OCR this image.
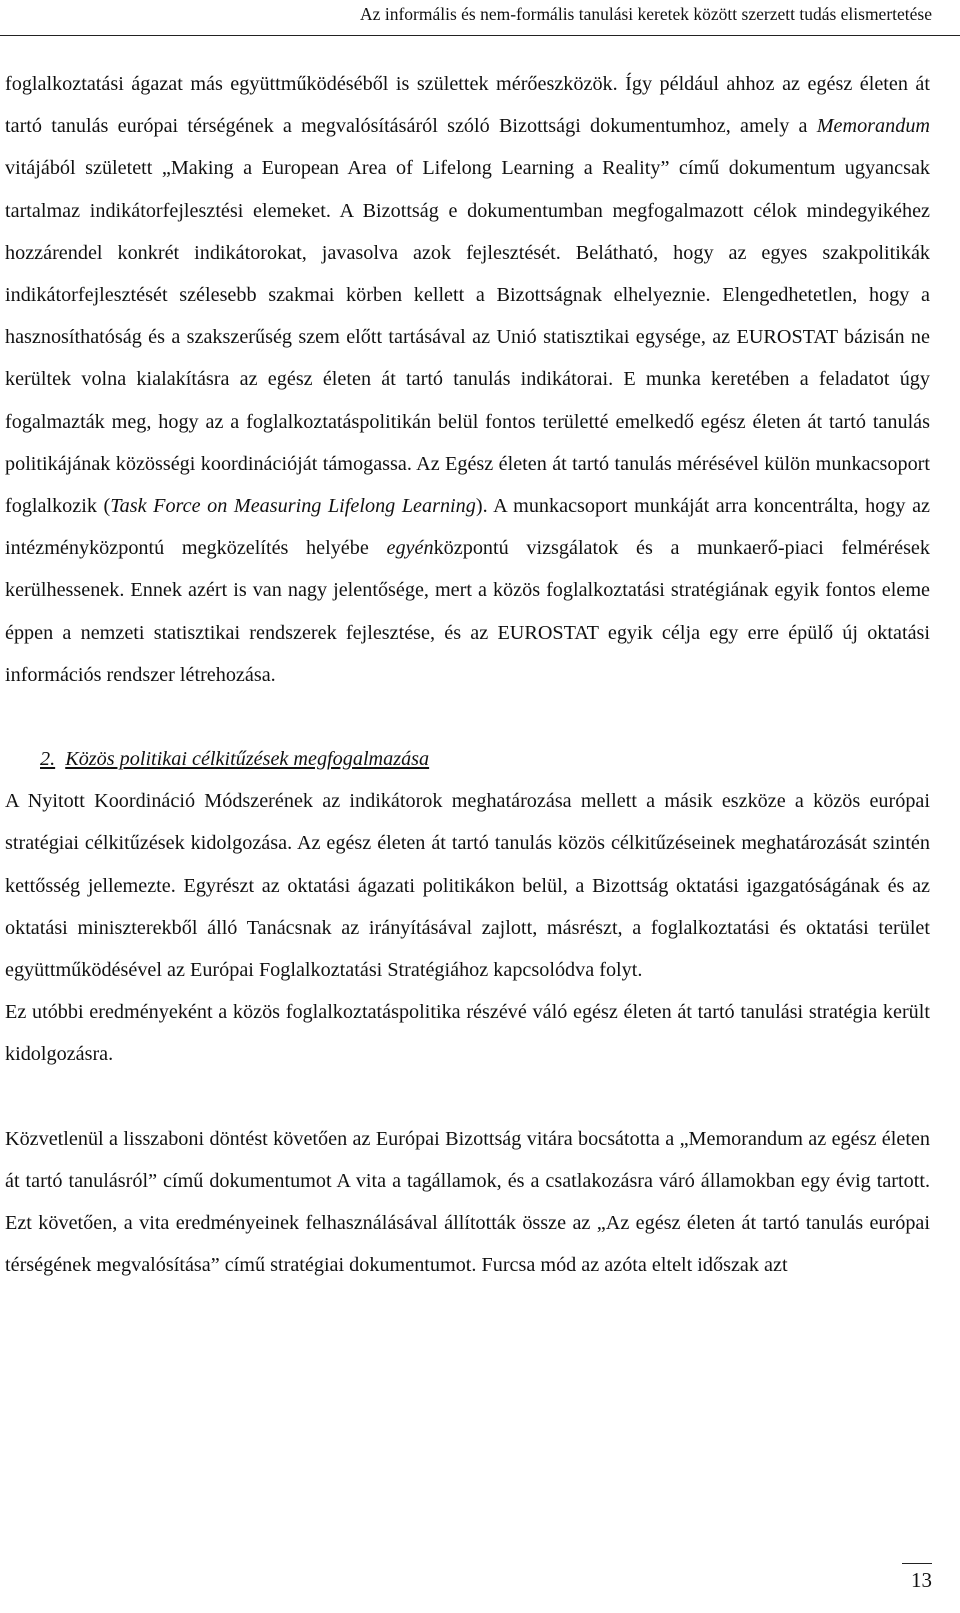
Az informális és nem-formális tanulási keretek között szerzett tudás elismertetése

foglalkoztatási ágazat más együttműködéséből is születtek mérőeszközök. Így például ahhoz az egész életen át tartó tanulás európai térségének a megvalósításáról szóló Bizottsági dokumentumhoz, amely a Memorandum vitájából született „Making a European Area of Lifelong Learning a Reality” című dokumentum ugyancsak tartalmaz indikátorfejlesztési elemeket. A Bizottság e dokumentumban megfogalmazott célok mindegyikéhez hozzárendel konkrét indikátorokat, javasolva azok fejlesztését. Belátható, hogy az egyes szakpolitikák indikátorfejlesztését szélesebb szakmai körben kellett a Bizottságnak elhelyeznie. Elengedhetetlen, hogy a hasznosíthatóság és a szakszerűség szem előtt tartásával az Unió statisztikai egysége, az EUROSTAT bázisán ne kerültek volna kialakításra az egész életen át tartó tanulás indikátorai. E munka keretében a feladatot úgy fogalmazták meg, hogy az a foglalkoztatáspolitikán belül fontos területté emelkedő egész életen át tartó tanulás politikájának közösségi koordinációját támogassa. Az Egész életen át tartó tanulás mérésével külön munkacsoport foglalkozik (Task Force on Measuring Lifelong Learning). A munkacsoport munkáját arra koncentrálta, hogy az intézményközpontú megközelítés helyébe egyénközpontú vizsgálatok és a munkaerő-piaci felmérések kerülhessenek. Ennek azért is van nagy jelentősége, mert a közös foglalkoztatási stratégiának egyik fontos eleme éppen a nemzeti statisztikai rendszerek fejlesztése, és az EUROSTAT egyik célja egy erre épülő új oktatási információs rendszer létrehozása.

2. Közös politikai célkitűzések megfogalmazása

A Nyitott Koordináció Módszerének az indikátorok meghatározása mellett a másik eszköze a közös európai stratégiai célkitűzések kidolgozása. Az egész életen át tartó tanulás közös célkitűzéseinek meghatározását szintén kettősség jellemezte. Egyrészt az oktatási ágazati politikákon belül, a Bizottság oktatási igazgatóságának és az oktatási miniszterekből álló Tanácsnak az irányításával zajlott, másrészt, a foglalkoztatási és oktatási terület együttműködésével az Európai Foglalkoztatási Stratégiához kapcsolódva folyt.

Ez utóbbi eredményeként a közös foglalkoztatáspolitika részévé váló egész életen át tartó tanulási stratégia került kidolgozásra.

Közvetlenül a lisszaboni döntést követően az Európai Bizottság vitára bocsátotta a „Memorandum az egész életen át tartó tanulásról” című dokumentumot A vita a tagállamok, és a csatlakozásra váró államokban egy évig tartott. Ezt követően, a vita eredményeinek felhasználásával állították össze az „Az egész életen át tartó tanulás európai térségének megvalósítása” című stratégiai dokumentumot. Furcsa mód az azóta eltelt időszak azt

13
